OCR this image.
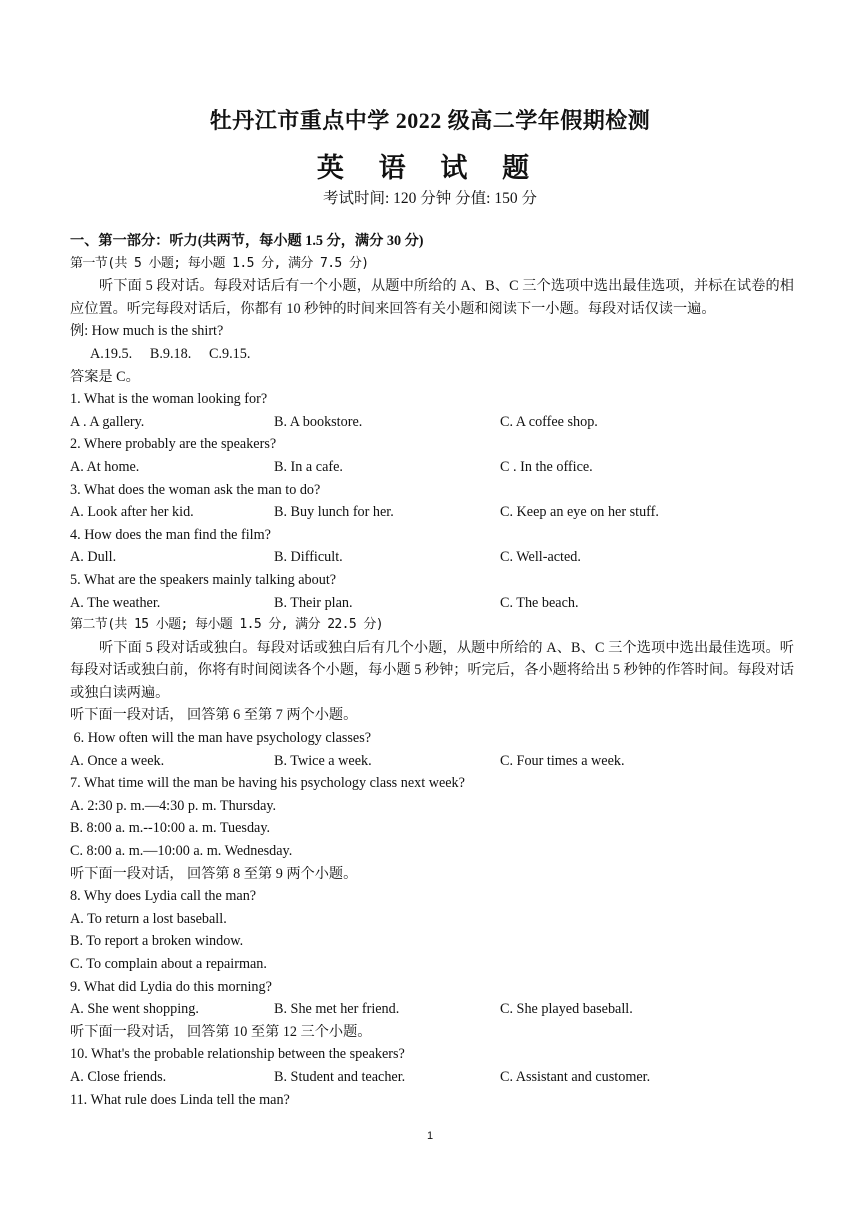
牡丹江市重点中学 2022 级高二学年假期检测
英 语 试 题
考试时间: 120 分钟 分值: 150 分
一、第一部分：听力(共两节，每小题 1.5 分，满分 30 分)
第一节(共 5 小题; 每小题 1.5 分, 满分 7.5 分)
听下面 5 段对话。每段对话后有一个小题，从题中所给的 A、B、C 三个选项中选出最佳选项，并标在试卷的相应位置。听完每段对话后，你都有 10 秒钟的时间来回答有关小题和阅读下一小题。每段对话仅读一遍。
例: How much is the shirt?
A.19.5.     B.9.18.     C.9.15.
答案是 C。
1. What is the woman looking for?
A . A gallery.	B. A bookstore.	C. A coffee shop.
2. Where probably are the speakers?
A. At home.	B. In a cafe.	C . In the office.
3. What does the woman ask the man to do?
A. Look after her kid.	B. Buy lunch for her.	C. Keep an eye on her stuff.
4. How does the man find the film?
A. Dull.	B. Difficult.	C. Well-acted.
5. What are the speakers mainly talking about?
A. The weather.	B. Their plan.	C. The beach.
第二节(共 15 小题; 每小题 1.5 分, 满分 22.5 分)
听下面 5 段对话或独白。每段对话或独白后有几个小题，从题中所给的 A、B、C 三个选项中选出最佳选项。听每段对话或独白前，你将有时间阅读各个小题，每小题 5 秒钟；听完后，各小题将给出 5 秒钟的作答时间。每段对话或独白读两遍。
听下面一段对话， 回答第 6 至第 7 两个小题。
6. How often will the man have psychology classes?
A. Once a week.	B. Twice a week.	C. Four times a week.
7. What time will the man be having his psychology class next week?
A. 2:30 p. m.—4:30 p. m. Thursday.
B. 8:00 a. m.--10:00 a. m. Tuesday.
C. 8:00 a. m.—10:00 a. m. Wednesday.
听下面一段对话， 回答第 8 至第 9 两个小题。
8. Why does Lydia call the man?
A. To return a lost baseball.
B. To report a broken window.
C. To complain about a repairman.
9. What did Lydia do this morning?
A. She went shopping.	B. She met her friend.	C. She played baseball.
听下面一段对话， 回答第 10 至第 12 三个小题。
10. What's the probable relationship between the speakers?
A. Close friends.	B. Student and teacher.	C. Assistant and customer.
11. What rule does Linda tell the man?
1
